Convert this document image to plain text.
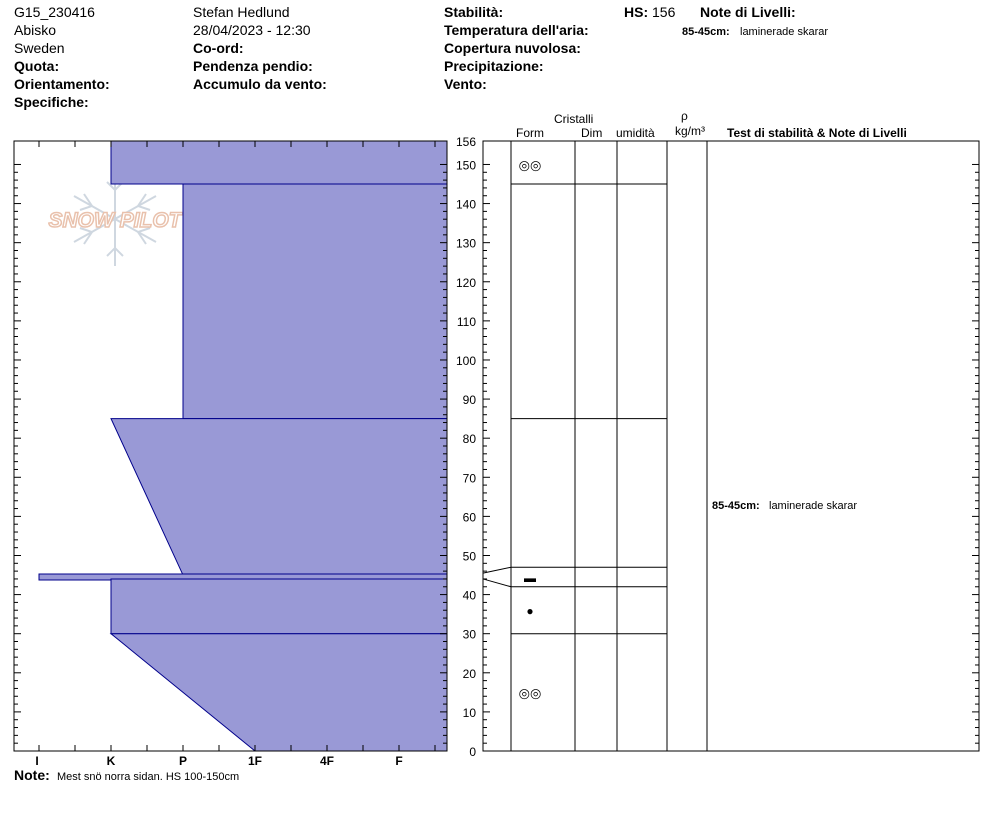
G15_230416
Abisko
Sweden
Quota:
Orientamento:
Specifiche:
Stefan Hedlund
28/04/2023 - 12:30
Co-ord:
Pendenza pendio:
Accumulo da vento:
Stabilità:
Temperatura dell'aria:
Copertura nuvolosa:
Precipitazione:
Vento:
HS: 156 Note di Livelli:
85-45cm: laminerade skarar
Cristalli
Form	Dim umidità
ρ
kg/m³ Test di stabilità & Note di Livelli
SNOW PILOT
0
10
20
30
40
50
60
70
80
90
100
110
120
130
140
150
156
I	K	P	1F	4F	F
◎◎
▬
●
◎◎
85-45cm: laminerade skarar
Note: Mest snö norra sidan. HS 100-150cm
